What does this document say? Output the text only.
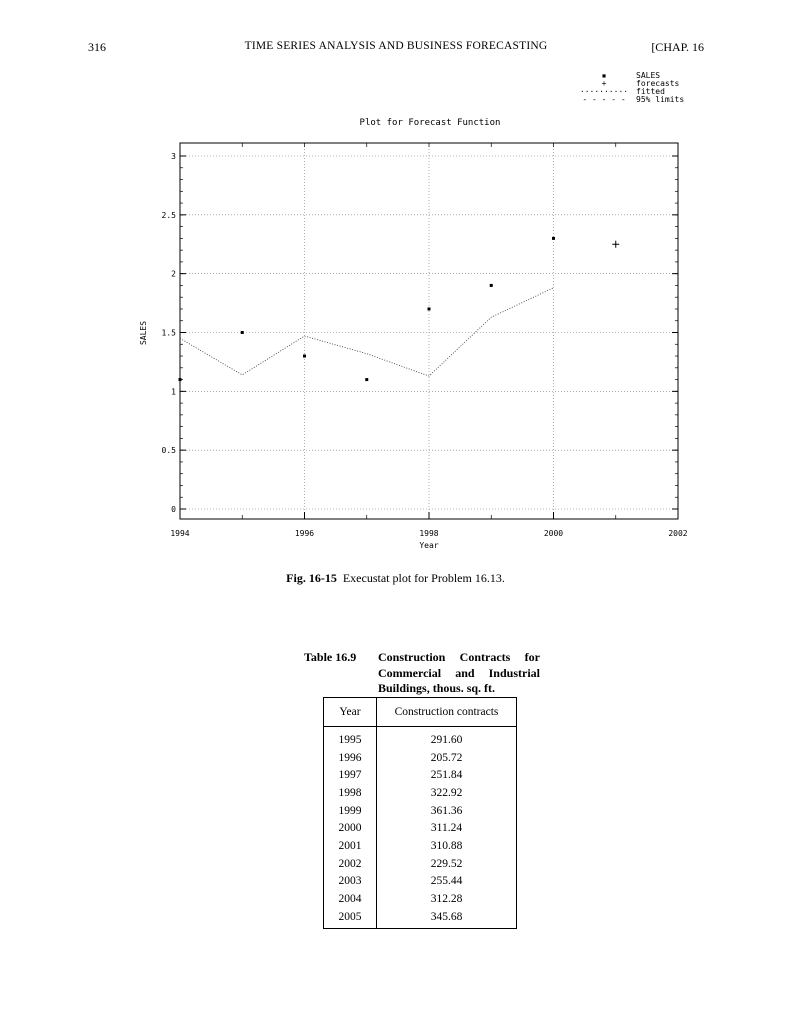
316	TIME SERIES ANALYSIS AND BUSINESS FORECASTING	[CHAP. 16
▪	SALES
+	forecasts
·········· fitted
- - - - - 95% limits
Plot for Forecast Function
0
0.5
1
1.5
2
2.5
3
1994	1996	1998	2000	2002
Year
SALES
Fig. 16-15 Execustat plot for Problem 16.13.
Table 16.9	Construction Contracts for
Commercial and Industrial
Buildings, thous. sq. ft.
Year	Construction contracts
1995	291.60
1996	205.72
1997	251.84
1998	322.92
1999	361.36
2000	311.24
2001	310.88
2002	229.52
2003	255.44
2004	312.28
2005	345.68
